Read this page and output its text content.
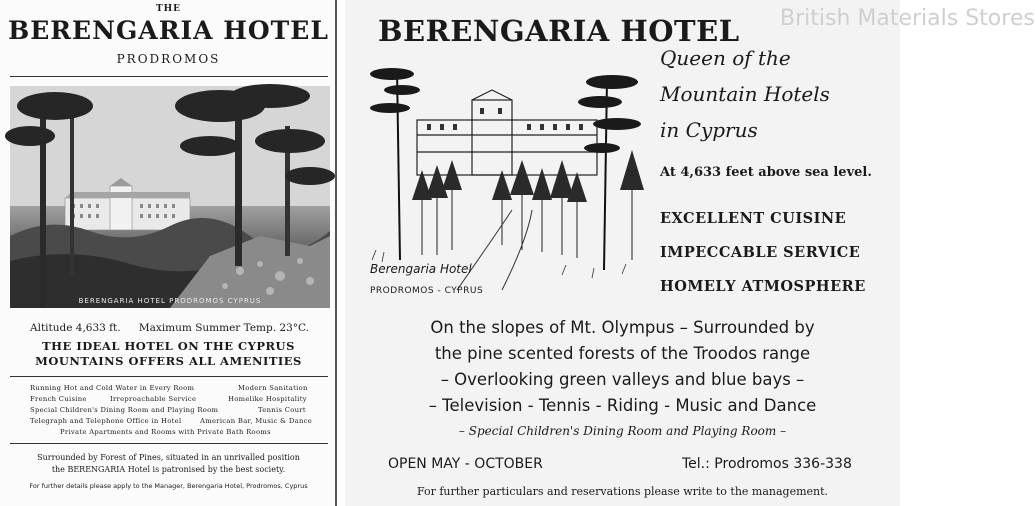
THE
BERENGARIA HOTEL
PRODROMOS
BERENGARIA HOTEL PRODROMOS CYPRUS
Altitude 4,633 ft. Maximum Summer Temp. 23°C.
THE IDEAL HOTEL ON THE CYPRUS
MOUNTAINS OFFERS ALL AMENITIES
Running Hot and Cold Water in Every Room	Modern Sanitation
French Cuisine	Irreproachable Service	Homelike Hospitality
Special Children's Dining Room and Playing Room	Tennis Court
Telegraph and Telephone Office in Hotel	American Bar, Music & Dance
Private Apartments and Rooms with Private Bath Rooms
Surrounded by Forest of Pines, situated in an unrivalled position
the BERENGARIA Hotel is patronised by the best society.
For further details please apply to the Manager, Berengaria Hotel, Prodromos, Cyprus
British Materials Stores
BERENGARIA HOTEL
Queen of the
Mountain Hotels
in Cyprus
At 4,633 feet above sea level.
EXCELLENT CUISINE
IMPECCABLE SERVICE
HOMELY ATMOSPHERE
Berengaria Hotel
PRODROMOS - CYPRUS
On the slopes of Mt. Olympus – Surrounded by
the pine scented forests of the Troodos range
– Overlooking green valleys and blue bays –
– Television - Tennis - Riding - Music and Dance
– Special Children's Dining Room and Playing Room –
OPEN MAY - OCTOBER	Tel.: Prodromos 336-338
For further particulars and reservations please write to the management.
